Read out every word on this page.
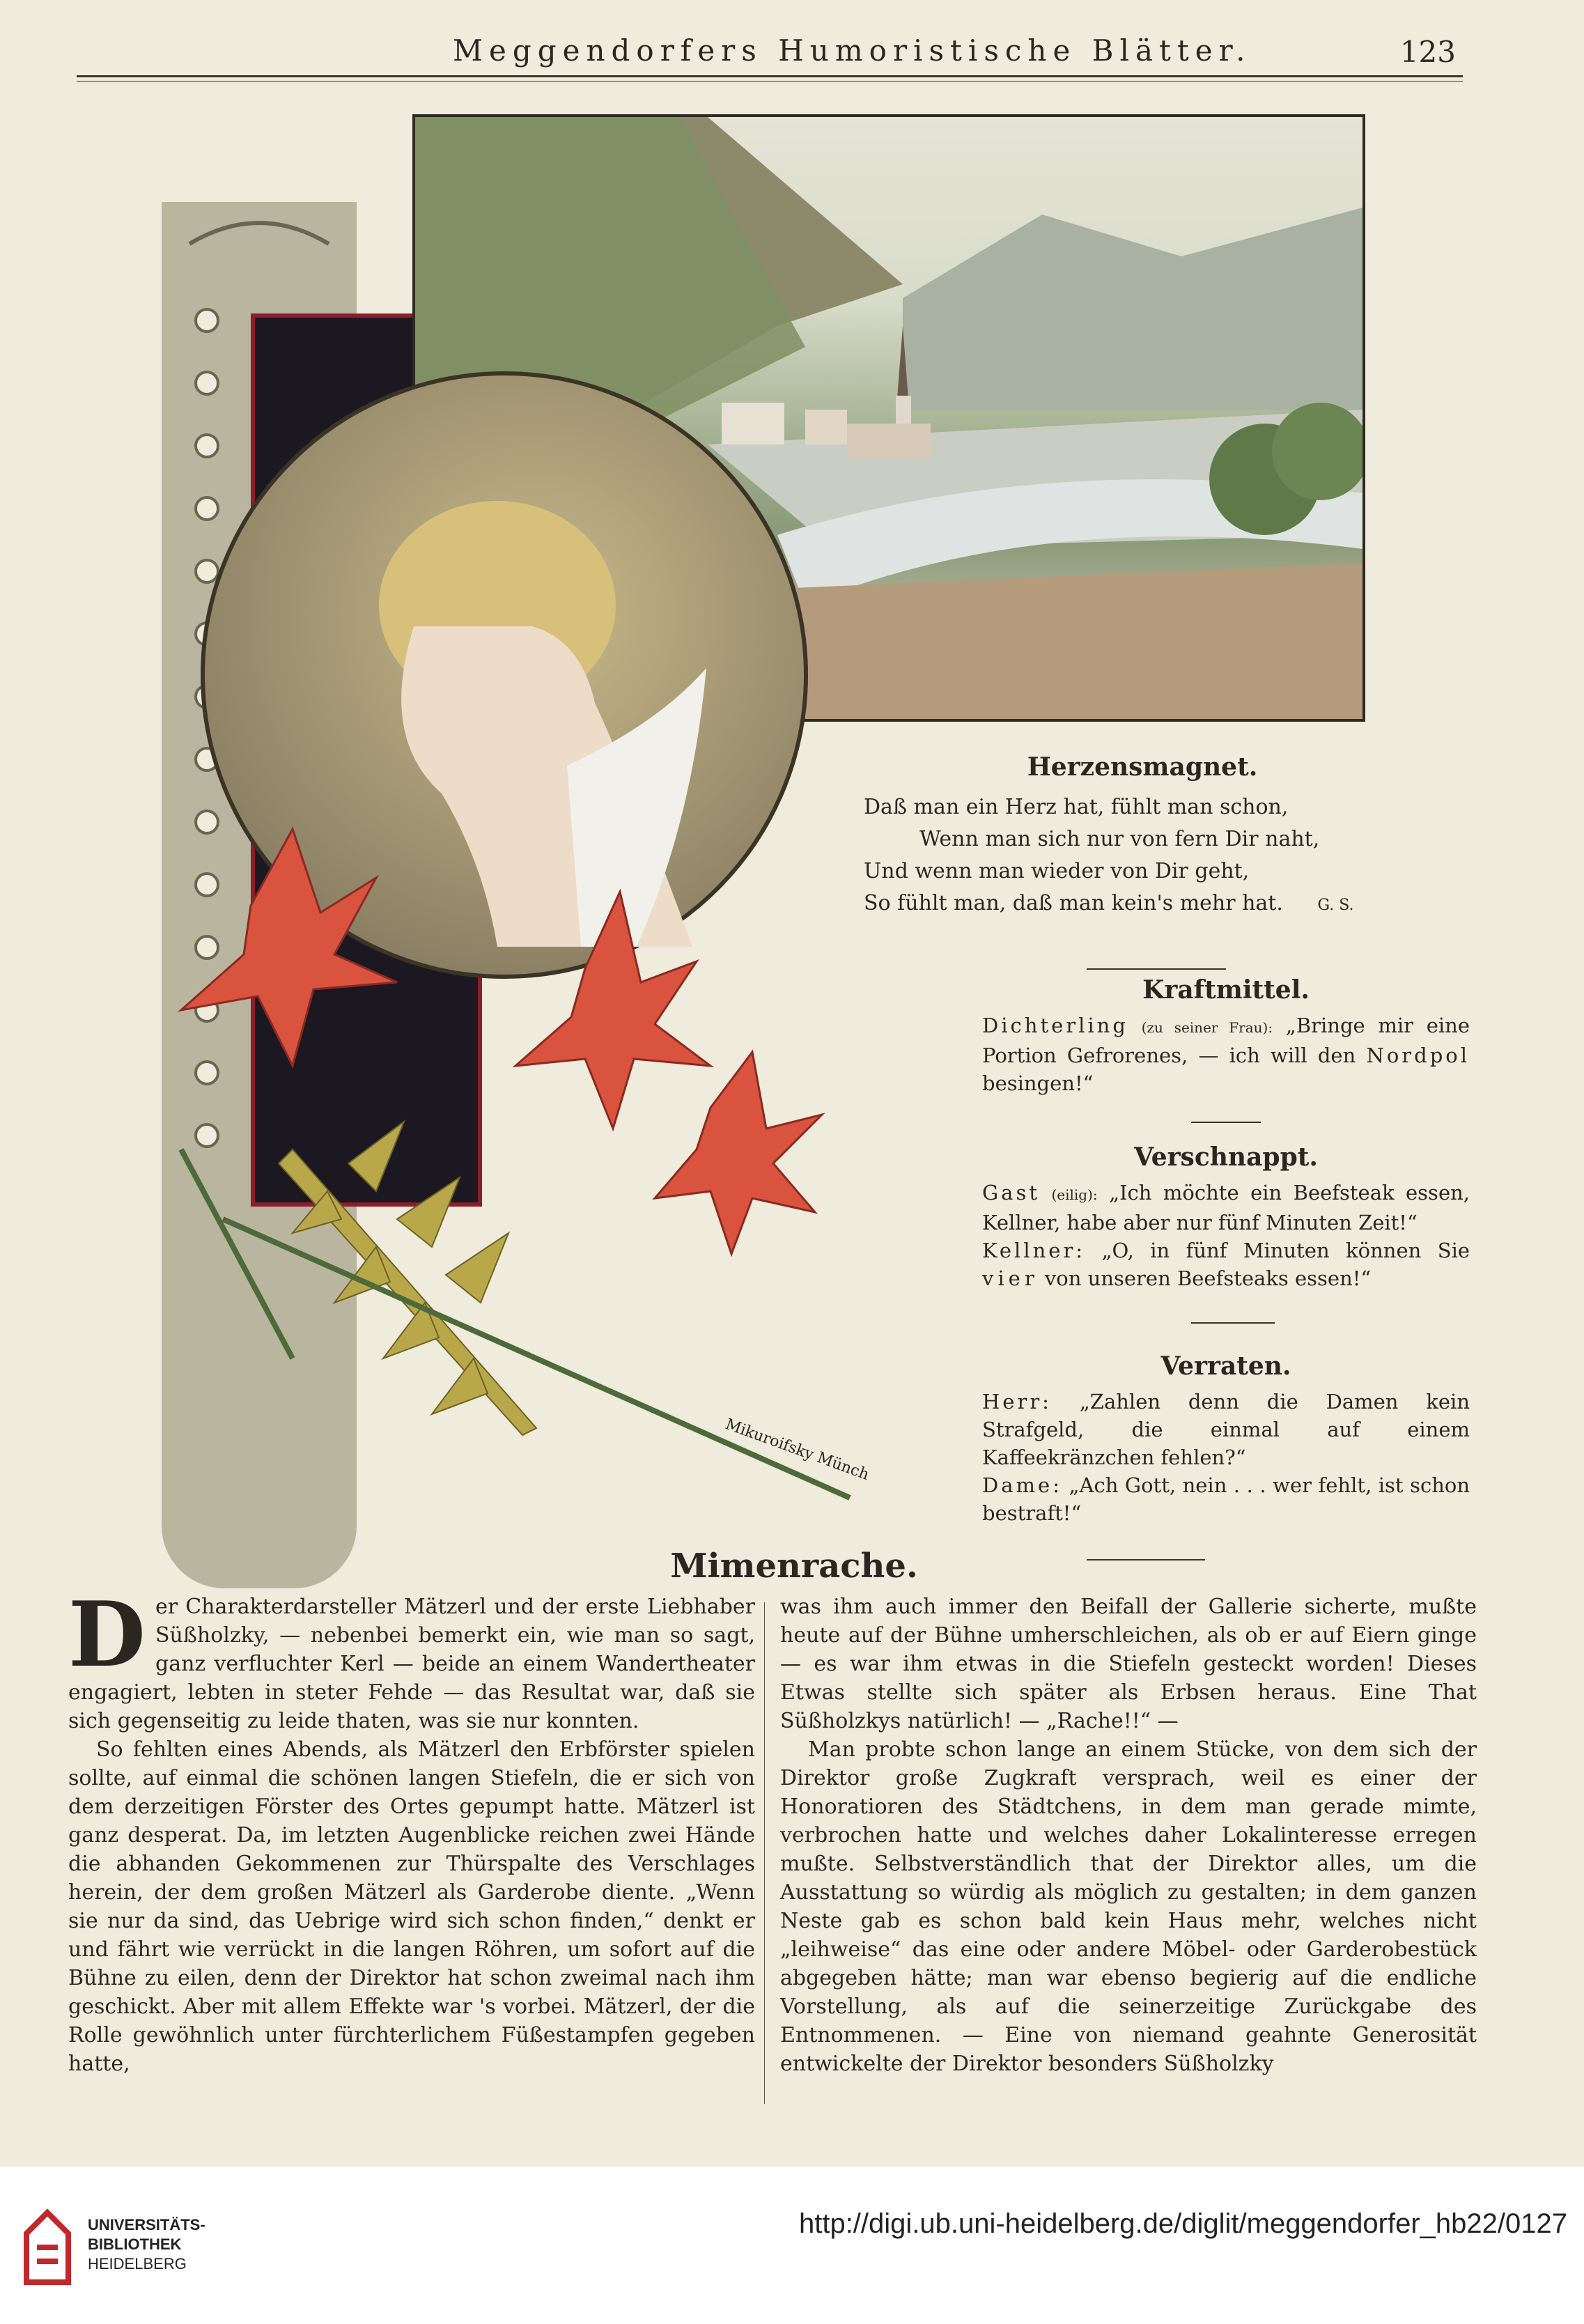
Meggendorfers Humoristische Blätter.	123
Mikuroifsky Münch
Herzensmagnet.
Daß man ein Herz hat, fühlt man schon,
Wenn man sich nur von fern Dir naht,
Und wenn man wieder von Dir geht,
So fühlt man, daß man kein's mehr hat. G. S.
Kraftmittel.
Dichterling (zu seiner Frau): „Bringe mir eine Portion Gefrorenes, — ich will den Nordpol besingen!“
Verschnappt.
Gast (eilig): „Ich möchte ein Beefsteak essen, Kellner, habe aber nur fünf Minuten Zeit!“
Kellner: „O, in fünf Minuten können Sie vier von unseren Beefsteaks essen!“
Verraten.
Herr: „Zahlen denn die Damen kein Strafgeld, die einmal auf einem Kaffeekränzchen fehlen?“
Dame: „Ach Gott, nein . . . wer fehlt, ist schon bestraft!“
Mimenrache.

Der Charakterdarsteller Mätzerl und der erste Liebhaber Süßholzky, — nebenbei bemerkt ein, wie man so sagt, ganz verfluchter Kerl — beide an einem Wandertheater engagiert, lebten in steter Fehde — das Resultat war, daß sie sich gegenseitig zu leide thaten, was sie nur konnten.

So fehlten eines Abends, als Mätzerl den Erbförster spielen sollte, auf einmal die schönen langen Stiefeln, die er sich von dem derzeitigen Förster des Ortes gepumpt hatte. Mätzerl ist ganz desperat. Da, im letzten Augenblicke reichen zwei Hände die abhanden Gekommenen zur Thürspalte des Verschlages herein, der dem großen Mätzerl als Garderobe diente. „Wenn sie nur da sind, das Uebrige wird sich schon finden,“ denkt er und fährt wie verrückt in die langen Röhren, um sofort auf die Bühne zu eilen, denn der Direktor hat schon zweimal nach ihm geschickt. Aber mit allem Effekte war 's vorbei. Mätzerl, der die Rolle gewöhnlich unter fürchterlichem Füßestampfen gegeben hatte,

was ihm auch immer den Beifall der Gallerie sicherte, mußte heute auf der Bühne umherschleichen, als ob er auf Eiern ginge — es war ihm etwas in die Stiefeln gesteckt worden! Dieses Etwas stellte sich später als Erbsen heraus. Eine That Süßholzkys natürlich! — „Rache!!“ —

Man probte schon lange an einem Stücke, von dem sich der Direktor große Zugkraft versprach, weil es einer der Honoratioren des Städtchens, in dem man gerade mimte, verbrochen hatte und welches daher Lokalinteresse erregen mußte. Selbstverständlich that der Direktor alles, um die Ausstattung so würdig als möglich zu gestalten; in dem ganzen Neste gab es schon bald kein Haus mehr, welches nicht „leihweise“ das eine oder andere Möbel- oder Garderobestück abgegeben hätte; man war ebenso begierig auf die endliche Vorstellung, als auf die seinerzeitige Zurückgabe des Entnommenen. — Eine von niemand geahnte Generosität entwickelte der Direktor besonders Süßholzky

UNIVERSITÄTS-
BIBLIOTHEK
HEIDELBERG
http://digi.ub.uni-heidelberg.de/diglit/meggendorfer_hb22/0127
